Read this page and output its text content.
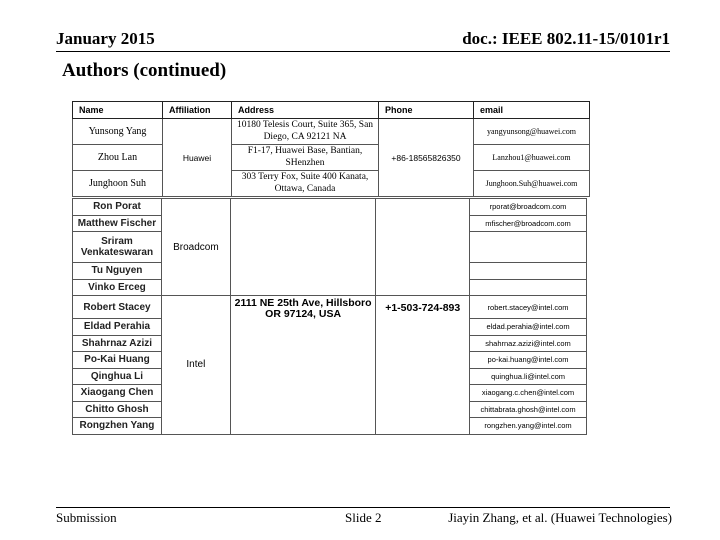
January 2015	doc.: IEEE 802.11-15/0101r1
Authors (continued)
Name	Affiliation	Address	Phone	email
Yunsong Yang	Huawei	10180 Telesis Court, Suite 365, San Diego, CA 92121 NA	+86-18565826350	yangyunsong@huawei.com
Zhou Lan		F1-17, Huawei Base, Bantian, SHenzhen		Lanzhou1@huawei.com
Junghoon Suh		303 Terry Fox, Suite 400 Kanata, Ottawa, Canada		Junghoon.Suh@huawei.com
Ron Porat	Broadcom			rporat@broadcom.com
Matthew Fischer				mfischer@broadcom.com
Sriram Venkateswaran				
Tu Nguyen				
Vinko Erceg				
Robert Stacey	Intel	2111 NE 25th Ave, Hillsboro OR 97124, USA	+1-503-724-893	robert.stacey@intel.com
Eldad Perahia				eldad.perahia@intel.com
Shahrnaz Azizi				shahrnaz.azizi@intel.com
Po-Kai Huang				po-kai.huang@intel.com
Qinghua Li				quinghua.li@intel.com
Xiaogang Chen				xiaogang.c.chen@intel.com
Chitto Ghosh				chittabrata.ghosh@intel.com
Rongzhen Yang				rongzhen.yang@intel.com
Submission	Slide 2	Jiayin Zhang, et al. (Huawei Technologies)
